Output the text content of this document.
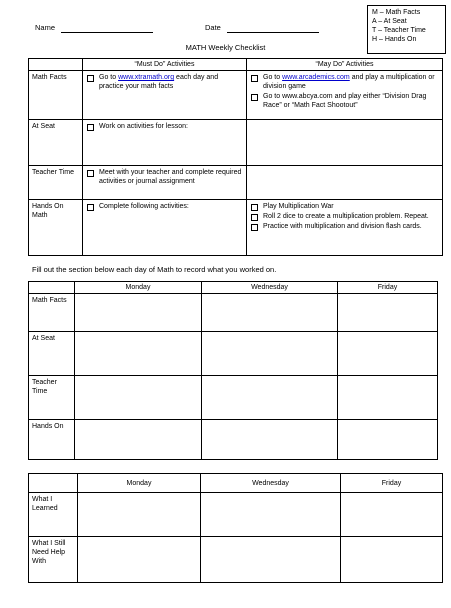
Name	Date
M – Math Facts
A – At Seat
T – Teacher Time
H – Hands On
MATH Weekly Checklist
	“Must Do” Activities	“May Do” Activities
Math Facts	Go to www.xtramath.org each day and practice your math facts	Go to www.arcademics.com and play a multiplication or division game
Go to www.abcya.com and play either “Division Drag Race” or “Math Fact Shootout”

At Seat	Work on activities for lesson:	

Teacher Time	Meet with your teacher and complete required activities or journal assignment	

Hands On Math	Complete following activities:	Play Multiplication War
Roll 2 dice to create a multiplication problem. Repeat.
Practice with multiplication and division flash cards.
Fill out the section below each day of Math to record what you worked on.
	Monday	Wednesday	Friday
Math Facts			
At Seat			
Teacher Time			
Hands On			
	Monday	Wednesday	Friday
What I Learned			
What I Still Need Help With			
